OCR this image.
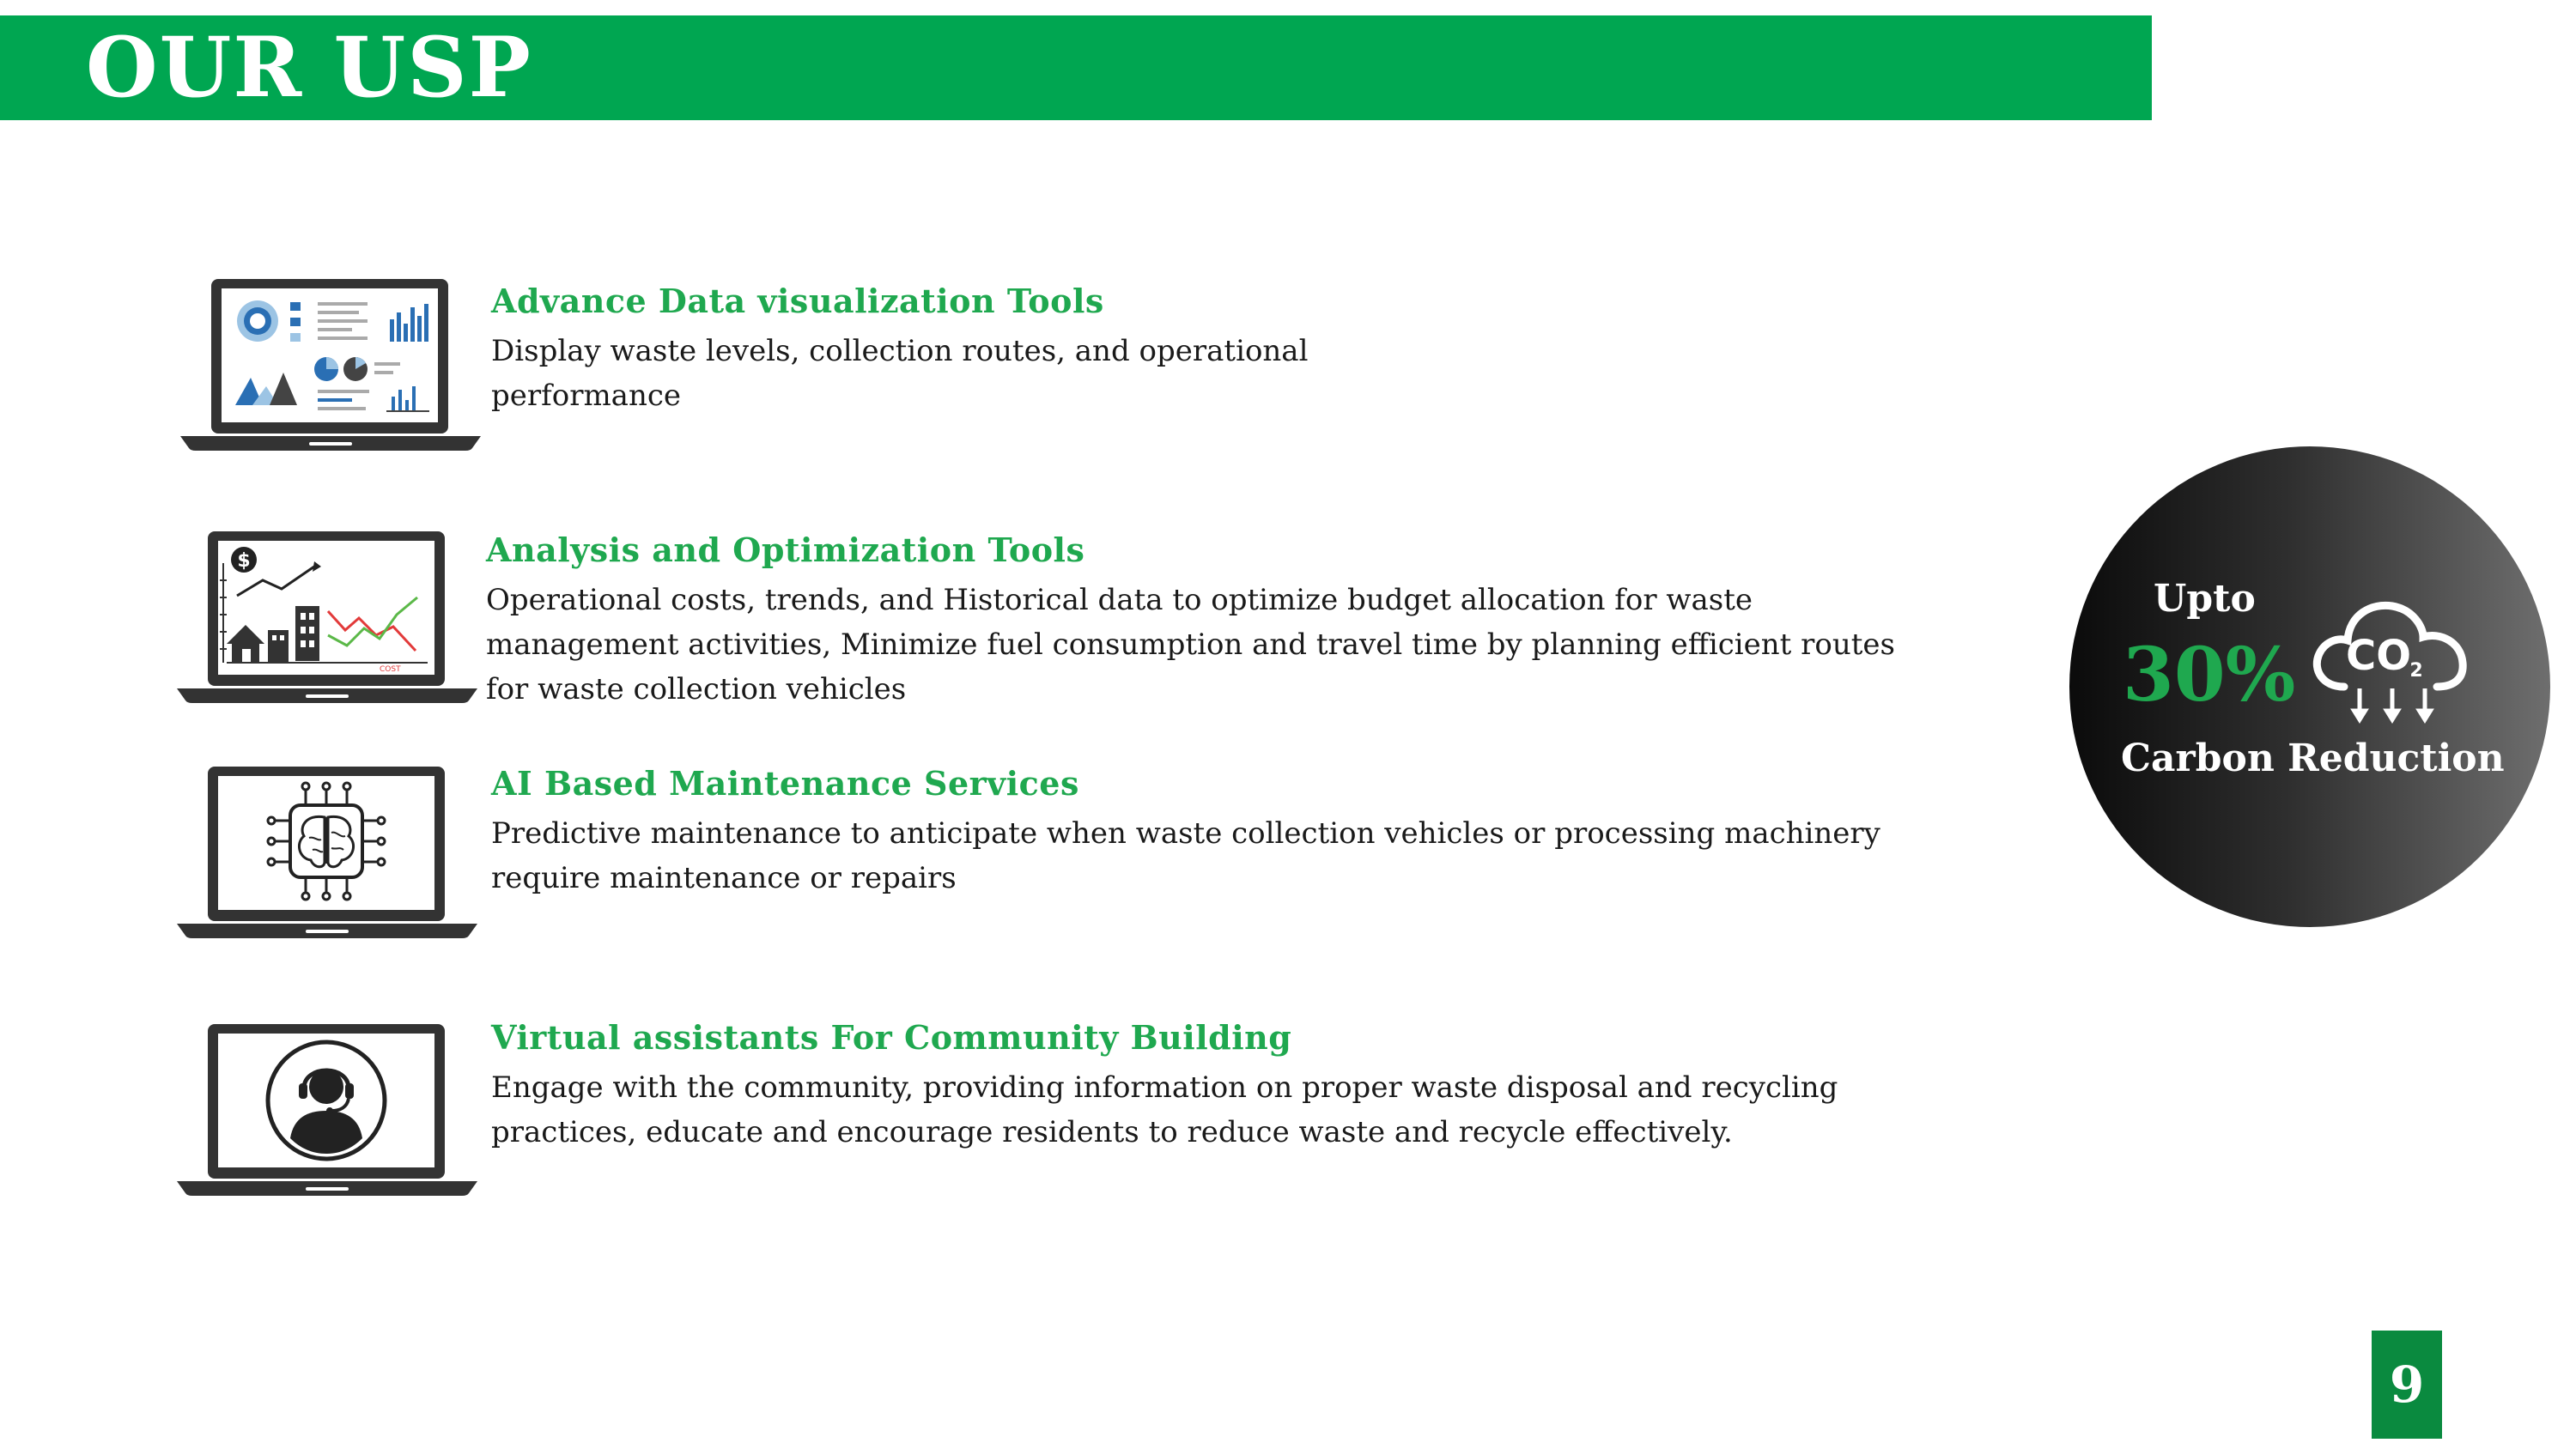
OUR USP
$
COST
Advance Data visualization Tools

Display waste levels, collection routes, and operational performance

Analysis and Optimization Tools

Operational costs, trends, and Historical data to optimize budget allocation for waste management activities, Minimize fuel consumption and travel time by planning efficient routes for waste collection vehicles

AI Based Maintenance Services

Predictive maintenance to anticipate when waste collection vehicles or processing machinery require maintenance or repairs

Virtual assistants For Community Building

Engage with the community, providing information on proper waste disposal and recycling practices, educate and encourage residents to reduce waste and recycle effectively.

Upto
30%
Carbon Reduction
CO
2
9
